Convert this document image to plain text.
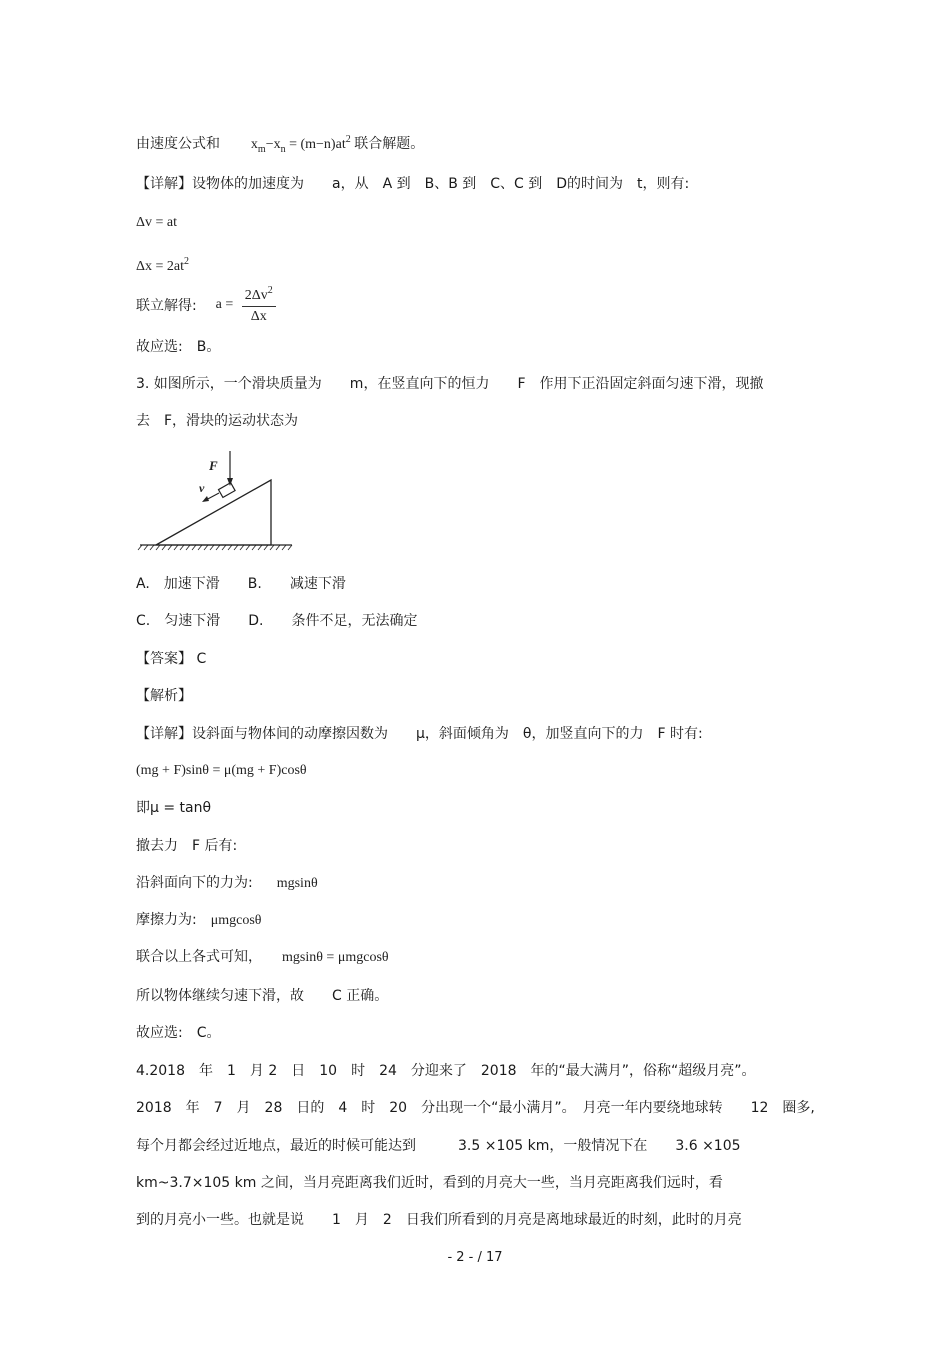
由速度公式和 $x_m-x_n = (m-n)at^2$ 联合解题。
【详解】设物体的加速度为　　a，从　A 到　B、B 到　C、C 到　D的时间为　t，则有:
Δv = at
$\Delta x = 2at^2$
联立解得: $a = \frac{2\Delta v^2}{\Delta x}$
故应选:　B。
3. 如图所示，一个滑块质量为　　m，在竖直向下的恒力　　F　作用下正沿固定斜面匀速下滑，现撤
去　F，滑块的运动状态为
F
v
A.　加速下滑　　B.　　减速下滑
C.　匀速下滑　　D.　　条件不足，无法确定
【答案】 C
【解析】
【详解】设斜面与物体间的动摩擦因数为　　μ，斜面倾角为　θ，加竖直向下的力　F 时有:
(mg + F)sinθ = μ(mg + F)cosθ
即μ = tanθ
撤去力　F 后有:
沿斜面向下的力为: mgsinθ
摩擦力为: μmgcosθ
联合以上各式可知， mgsinθ = μmgcosθ
所以物体继续匀速下滑，故　　C 正确。
故应选:　C。
4.2018　年　1　月 2　日　10　时　24　分迎来了　2018　年的“最大满月”，俗称“超级月亮”。
2018　年　7　月　28　日的　4　时　20　分出现一个“最小满月”。　月亮一年内要绕地球转　　12　圈多,
每个月都会经过近地点，最近的时候可能达到　　　3.5 ×105 km，一般情况下在　　3.6 ×105
km~3.7×105 km 之间，当月亮距离我们近时，看到的月亮大一些，当月亮距离我们远时，看
到的月亮小一些。也就是说　　1　月　2　日我们所看到的月亮是离地球最近的时刻，此时的月亮
- 2 - / 17
